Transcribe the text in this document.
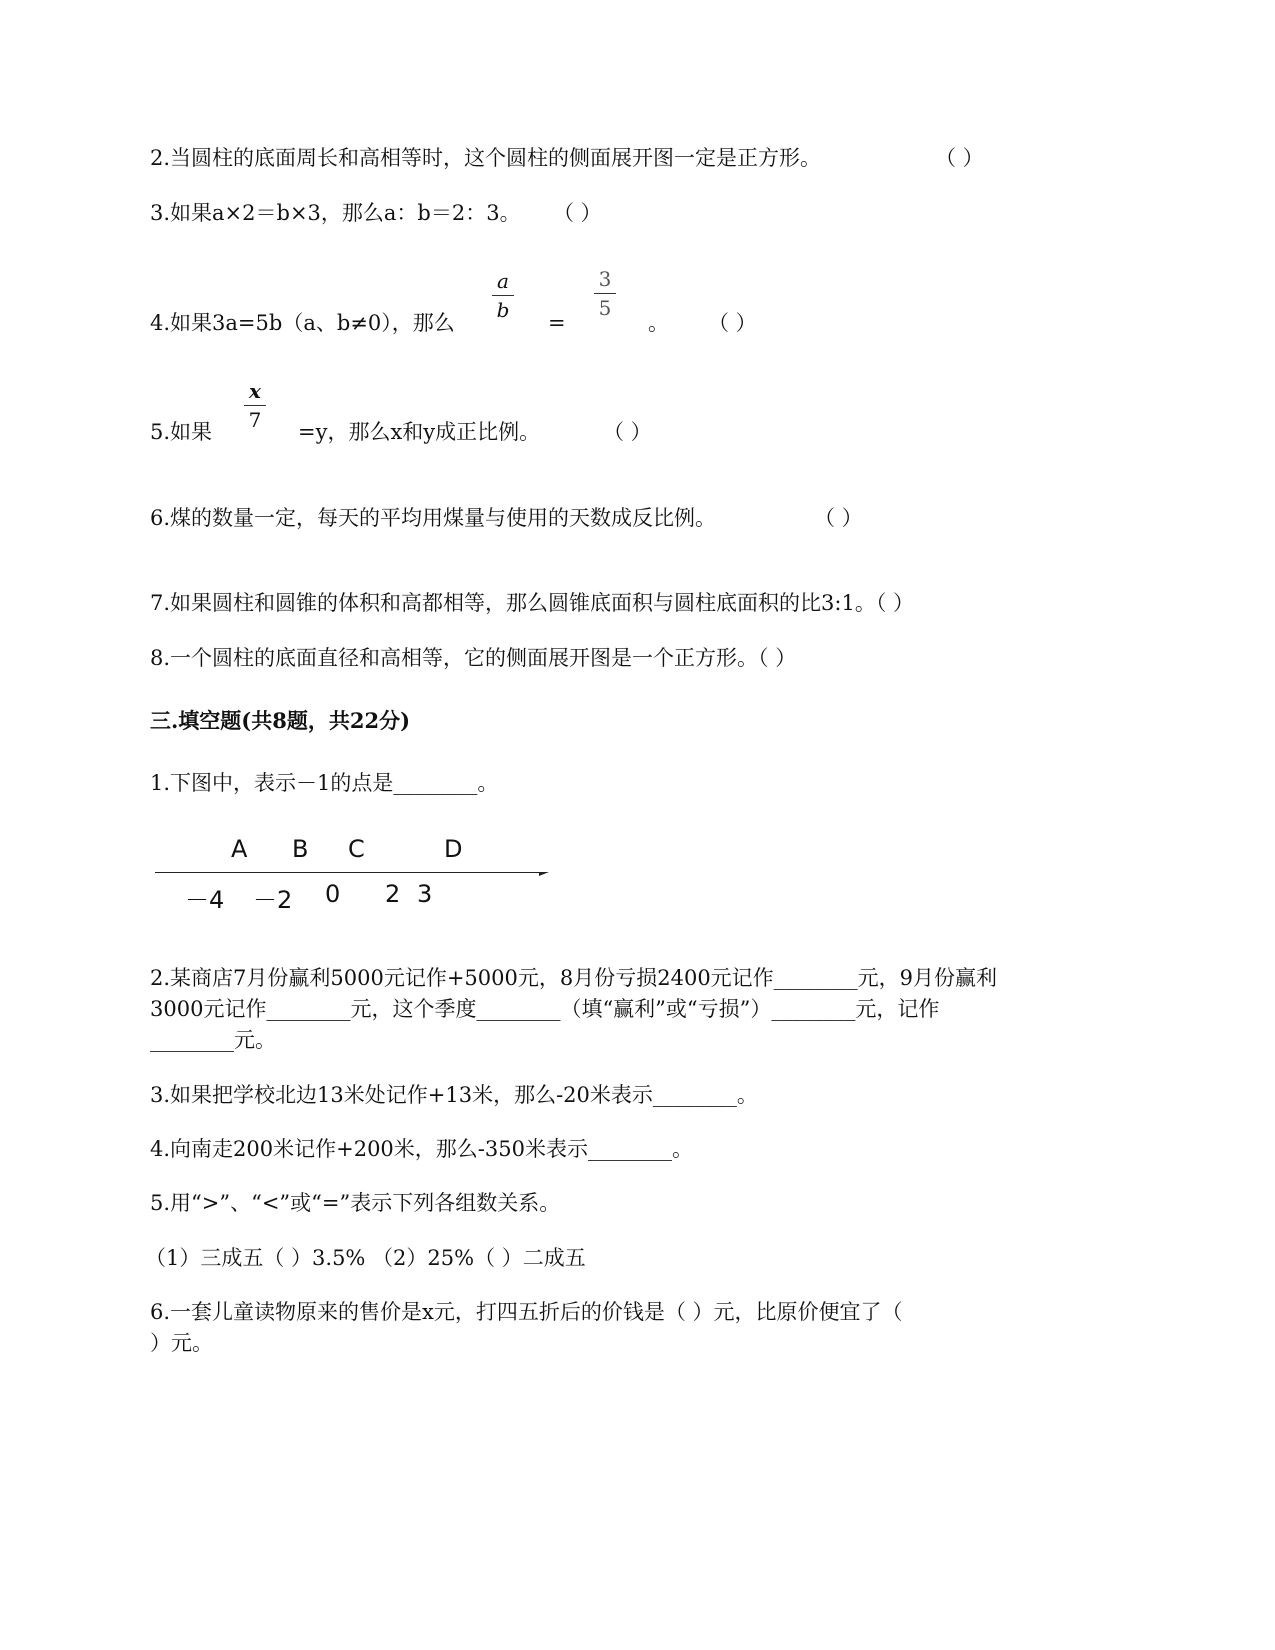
2.当圆柱的底面周长和高相等时，这个圆柱的侧面展开图一定是正方形。	（ ）
3.如果a×2＝b×3，那么a：b＝2：3。 （ ）
4.如果3a=5b（a、b≠0），那么
a
b
=
3
5
。 （ ）
5.如果
x
7	=y，那么x和y成正比例。	（ ）
6.煤的数量一定，每天的平均用煤量与使用的天数成反比例。	（ ）
7.如果圆柱和圆锥的体积和高都相等，那么圆锥底面积与圆柱底面积的比3:1。（ ）
8.一个圆柱的底面直径和高相等，它的侧面展开图是一个正方形。（ ）
三.填空题(共8题，共22分)
1.下图中，表示－1的点是________。
A B C	D
－4 －2 0 2 3
2.某商店7月份赢利5000元记作+5000元，8月份亏损2400元记作________元，9月份赢利
3000元记作________元，这个季度________（填“赢利”或“亏损”）________元，记作
________元。
3.如果把学校北边13米处记作+13米，那么-20米表示________。
4.向南走200米记作+200米，那么-350米表示________。
5.用“>”、“<”或“=”表示下列各组数关系。
（1）三成五（ ）3.5% （2）25%（ ）二成五
6.一套儿童读物原来的售价是x元，打四五折后的价钱是（ ）元，比原价便宜了（
）元。
